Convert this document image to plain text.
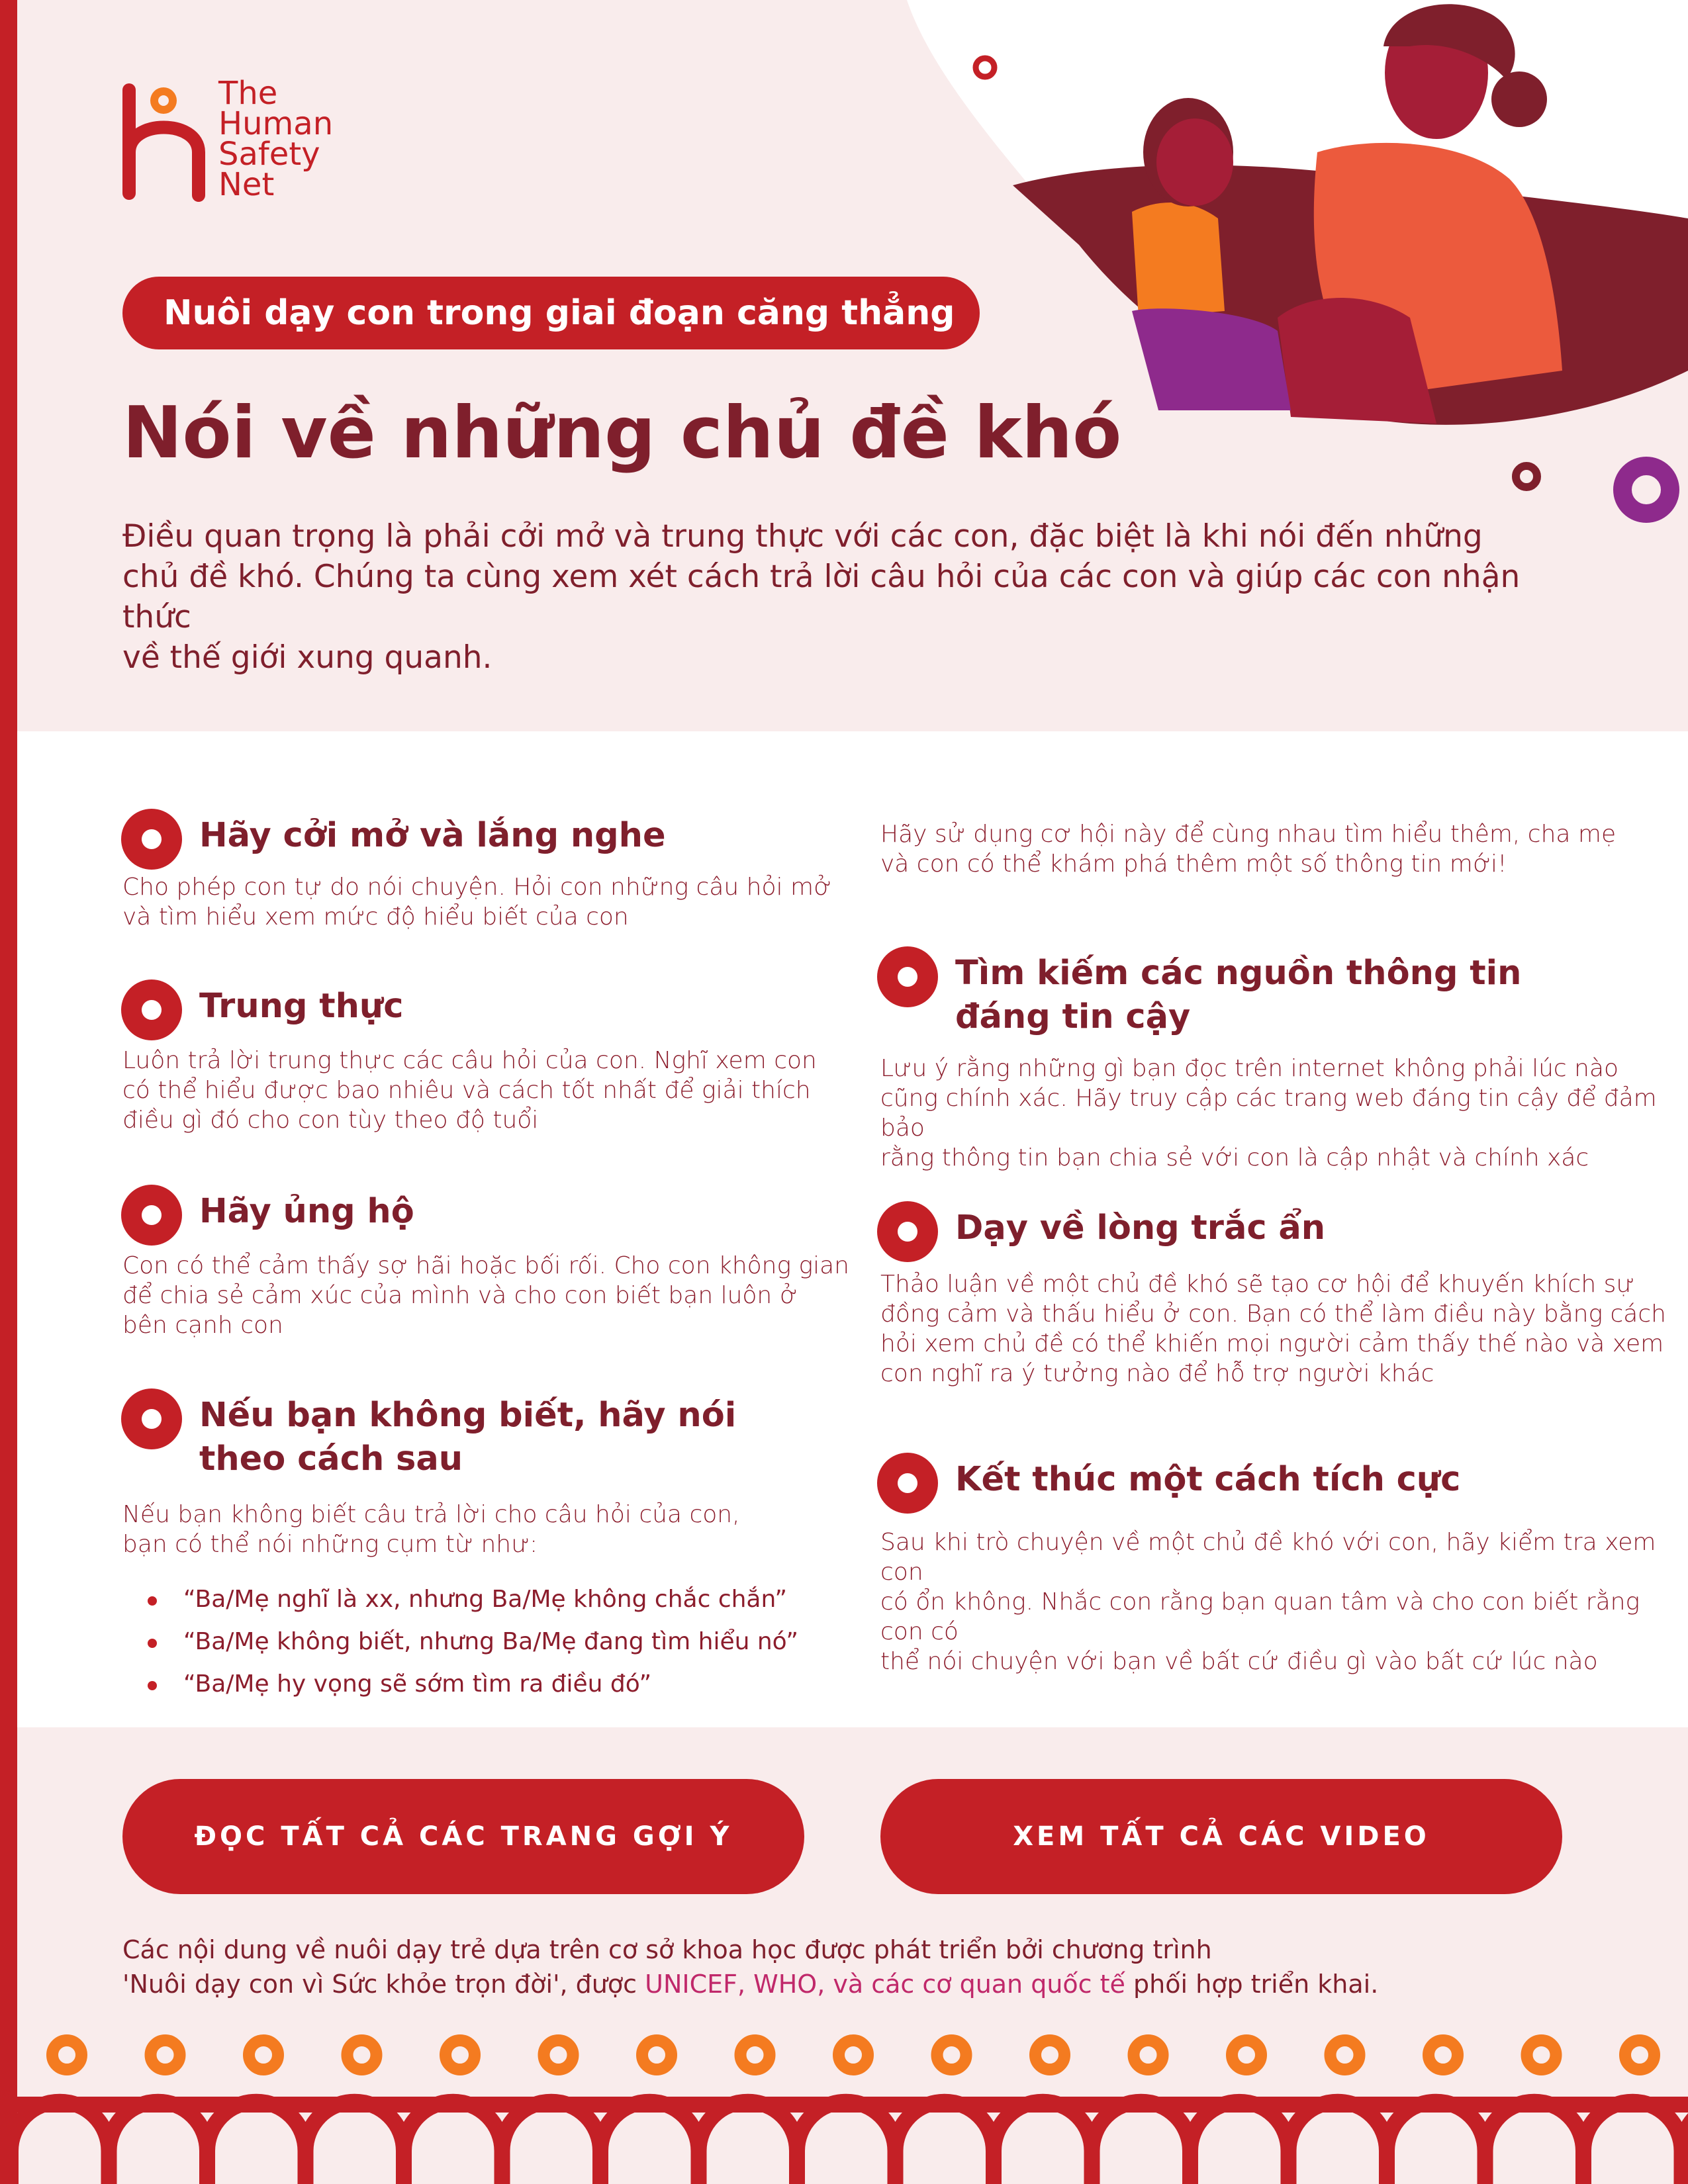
The
Human
Safety
Net
Nuôi dạy con trong giai đoạn căng thẳng
Nói về những chủ đề khó
Điều quan trọng là phải cởi mở và trung thực với các con, đặc biệt là khi nói đến những
chủ đề khó. Chúng ta cùng xem xét cách trả lời câu hỏi của các con và giúp các con nhận thức
về thế giới xung quanh.
Hãy cởi mở và lắng nghe
Cho phép con tự do nói chuyện. Hỏi con những câu hỏi mở
và tìm hiểu xem mức độ hiểu biết của con
Trung thực
Luôn trả lời trung thực các câu hỏi của con. Nghĩ xem con
có thể hiểu được bao nhiêu và cách tốt nhất để giải thích
điều gì đó cho con tùy theo độ tuổi
Hãy ủng hộ
Con có thể cảm thấy sợ hãi hoặc bối rối. Cho con không gian
để chia sẻ cảm xúc của mình và cho con biết bạn luôn ở
bên cạnh con
Nếu bạn không biết, hãy nói
theo cách sau
Nếu bạn không biết câu trả lời cho câu hỏi của con,
bạn có thể nói những cụm từ như:
“Ba/Mẹ nghĩ là xx, nhưng Ba/Mẹ không chắc chắn”
“Ba/Mẹ không biết, nhưng Ba/Mẹ đang tìm hiểu nó”
“Ba/Mẹ hy vọng sẽ sớm tìm ra điều đó”
Hãy sử dụng cơ hội này để cùng nhau tìm hiểu thêm, cha mẹ
và con có thể khám phá thêm một số thông tin mới!
Tìm kiếm các nguồn thông tin
đáng tin cậy
Lưu ý rằng những gì bạn đọc trên internet không phải lúc nào
cũng chính xác. Hãy truy cập các trang web đáng tin cậy để đảm bảo
rằng thông tin bạn chia sẻ với con là cập nhật và chính xác
Dạy về lòng trắc ẩn
Thảo luận về một chủ đề khó sẽ tạo cơ hội để khuyến khích sự
đồng cảm và thấu hiểu ở con. Bạn có thể làm điều này bằng cách
hỏi xem chủ đề có thể khiến mọi người cảm thấy thế nào và xem
con nghĩ ra ý tưởng nào để hỗ trợ người khác
Kết thúc một cách tích cực
Sau khi trò chuyện về một chủ đề khó với con, hãy kiểm tra xem con
có ổn không. Nhắc con rằng bạn quan tâm và cho con biết rằng con có
thể nói chuyện với bạn về bất cứ điều gì vào bất cứ lúc nào
ĐỌC TẤT CẢ CÁC TRANG GỢI Ý	XEM TẤT CẢ CÁC VIDEO
Các nội dung về nuôi dạy trẻ dựa trên cơ sở khoa học được phát triển bởi chương trình
'Nuôi dạy con vì Sức khỏe trọn đời', được UNICEF, WHO, và các cơ quan quốc tế phối hợp triển khai.
